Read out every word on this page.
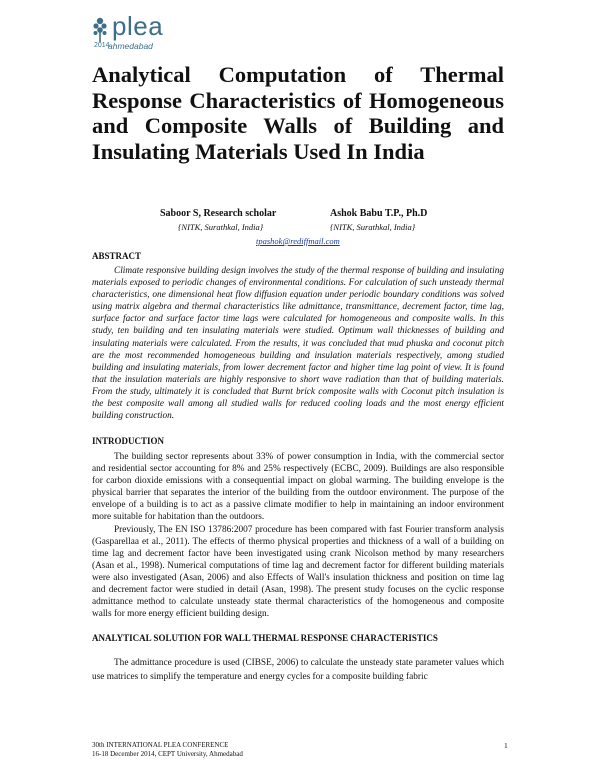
plea
2014
ahmedabad
Analytical Computation of Thermal
Response Characteristics of Homogeneous
and Composite Walls of Building and
Insulating Materials Used In India
Saboor S, Research scholar
{NITK, Surathkal, India}
Ashok Babu T.P., Ph.D
{NITK, Surathkal, India}
tpashok@rediffmail.com
ABSTRACT

Climate responsive building design involves the study of the thermal response of building and insulating materials exposed to periodic changes of environmental conditions. For calculation of such unsteady thermal characteristics, one dimensional heat flow diffusion equation under periodic boundary conditions was solved using matrix algebra and thermal characteristics like admittance, transmittance, decrement factor, time lag, surface factor and surface factor time lags were calculated for homogeneous and composite walls. In this study, ten building and ten insulating materials were studied. Optimum wall thicknesses of building and insulating materials were calculated. From the results, it was concluded that mud phuska and coconut pitch are the most recommended homogeneous building and insulation materials respectively, among studied building and insulating materials, from lower decrement factor and higher time lag point of view. It is found that the insulation materials are highly responsive to short wave radiation than that of building materials. From the study, ultimately it is concluded that Burnt brick composite walls with Coconut pitch insulation is the best composite wall among all studied walls for reduced cooling loads and the most energy efficient building construction.

INTRODUCTION

The building sector represents about 33% of power consumption in India, with the commercial sector and residential sector accounting for 8% and 25% respectively (ECBC, 2009). Buildings are also responsible for carbon dioxide emissions with a consequential impact on global warming. The building envelope is the physical barrier that separates the interior of the building from the outdoor environment. The purpose of the envelope of a building is to act as a passive climate modifier to help in maintaining an indoor environment more suitable for habitation than the outdoors.

Previously, The EN ISO 13786:2007 procedure has been compared with fast Fourier transform analysis (Gasparellaa et al., 2011). The effects of thermo physical properties and thickness of a wall of a building on time lag and decrement factor have been investigated using crank Nicolson method by many researchers (Asan et al., 1998). Numerical computations of time lag and decrement factor for different building materials were also investigated (Asan, 2006) and also Effects of Wall's insulation thickness and position on time lag and decrement factor were studied in detail (Asan, 1998). The present study focuses on the cyclic response admittance method to calculate unsteady state thermal characteristics of the homogeneous and composite walls for more energy efficient building design.

ANALYTICAL SOLUTION FOR WALL THERMAL RESPONSE CHARACTERISTICS

The admittance procedure is used (CIBSE, 2006) to calculate the unsteady state parameter values which use matrices to simplify the temperature and energy cycles for a composite building fabric

30th INTERNATIONAL PLEA CONFERENCE
16-18 December 2014, CEPT University, Ahmedabad
1
